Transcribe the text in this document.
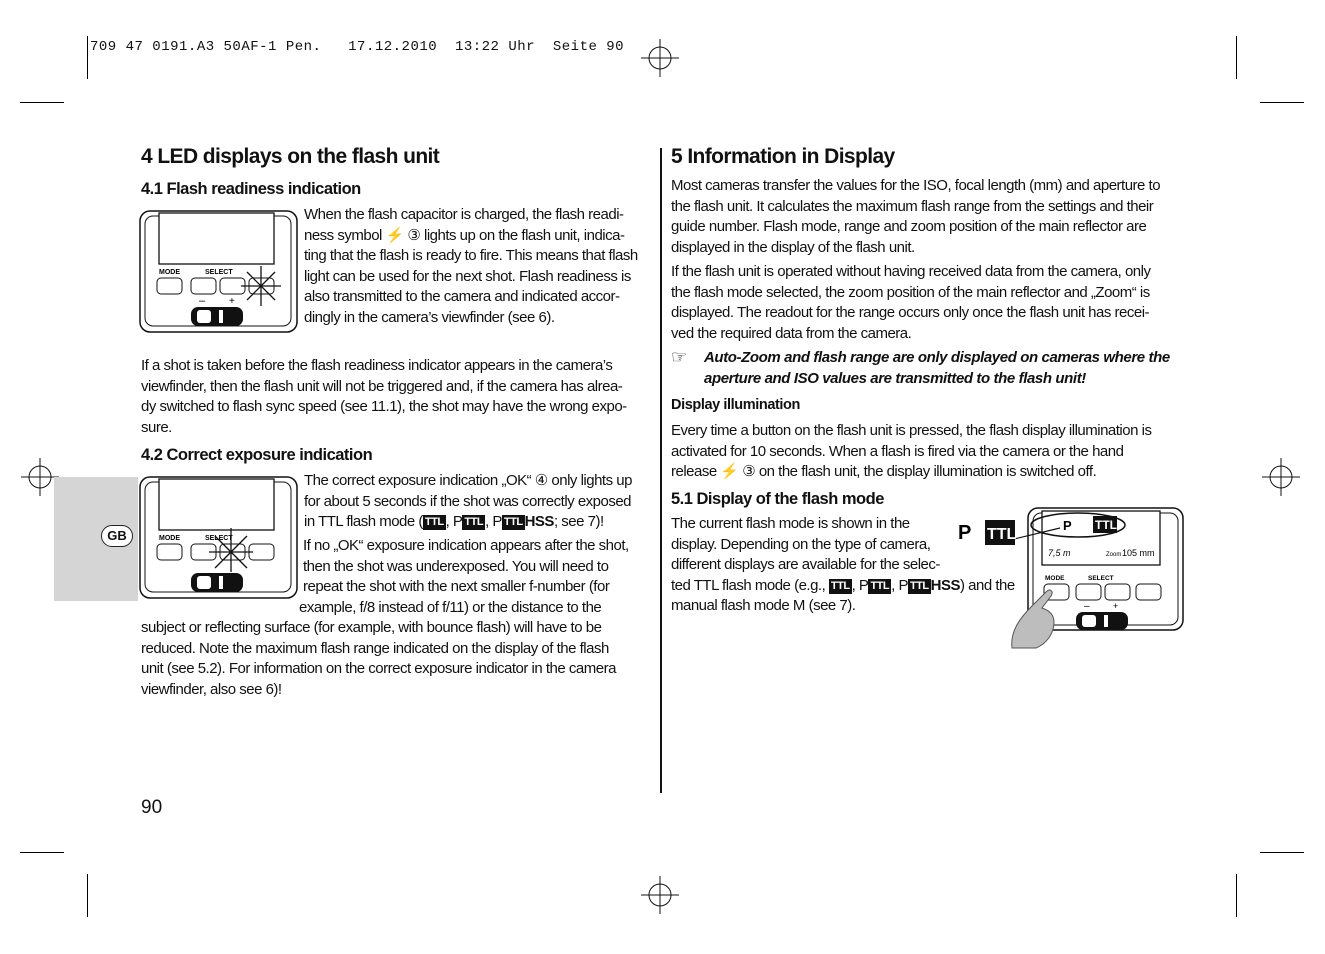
709 47 0191.A3 50AF-1 Pen.   17.12.2010  13:22 Uhr  Seite 90
GB
4 LED displays on the flash unit
4.1 Flash readiness indication
MODE	SELECT
– +
When the flash capacitor is charged, the flash readi-
ness symbol ⚡ ③ lights up on the flash unit, indica-
ting that the flash is ready to fire. This means that flash
light can be used for the next shot. Flash readiness is
also transmitted to the camera and indicated accor-
dingly in the camera’s viewfinder (see 6).
If a shot is taken before the flash readiness indicator appears in the camera’s
viewfinder, then the flash unit will not be triggered and, if the camera has alrea-
dy switched to flash sync speed (see 11.1), the shot may have the wrong expo-
sure.
4.2 Correct exposure indication
MODE	SELECT
The correct exposure indication „OK“ ④ only lights up
for about 5 seconds if the shot was correctly exposed
in TTL flash mode ( TTL , P TTL , P TTL HSS; see 7)!
If no „OK“ exposure indication appears after the shot,
then the shot was underexposed. You will need to
repeat the shot with the next smaller f-number (for
example, f/8 instead of f/11) or the distance to the
subject or reflecting surface (for example, with bounce flash) will have to be
reduced. Note the maximum flash range indicated on the display of the flash
unit (see 5.2). For information on the correct exposure indicator in the camera
viewfinder, also see 6)!
90
5 Information in Display
Most cameras transfer the values for the ISO, focal length (mm) and aperture to
the flash unit. It calculates the maximum flash range from the settings and their
guide number. Flash mode, range and zoom position of the main reflector are
displayed in the display of the flash unit.
If the flash unit is operated without having received data from the camera, only
the flash mode selected, the zoom position of the main reflector and „Zoom“ is
displayed. The readout for the range occurs only once the flash unit has recei-
ved the required data from the camera.
☞ Auto-Zoom and flash range are only displayed on cameras where the
aperture and ISO values are transmitted to the flash unit!
Display illumination
Every time a button on the flash unit is pressed, the flash display illumination is
activated for 10 seconds. When a flash is fired via the camera or the hand
release ⚡ ③ on the flash unit, the display illumination is switched off.
5.1 Display of the flash mode
The current flash mode is shown in the
display. Depending on the type of camera,
different displays are available for the selec-
ted TTL flash mode (e.g., TTL , P TTL , P TTL HSS) and the
manual flash mode M (see 7).
P TTL
7,5 m	Zoom 105 mm
MODE	SELECT
–	+
P TTL
